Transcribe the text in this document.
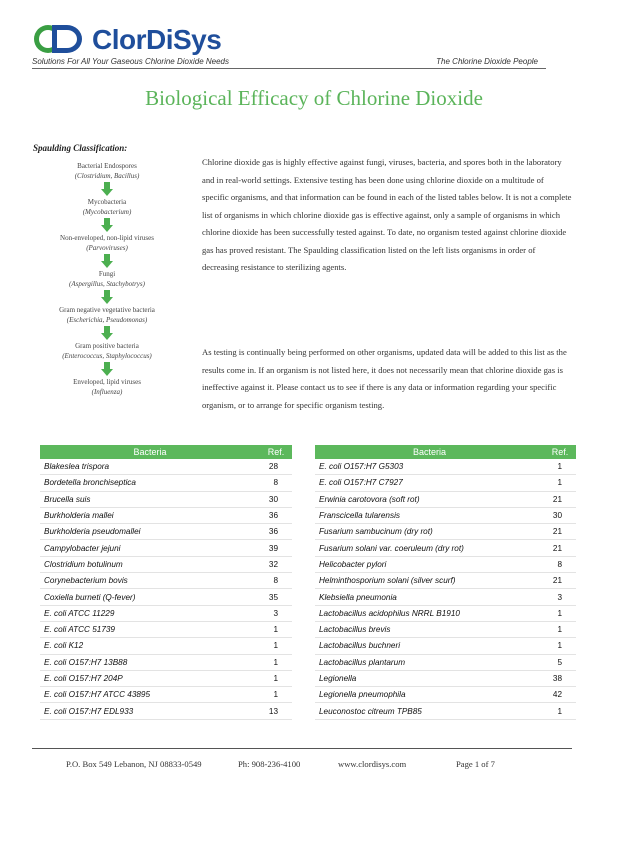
ClorDiSys
Solutions For All Your Gaseous Chlorine Dioxide Needs	The Chlorine Dioxide People
Biological Efficacy of Chlorine Dioxide
Spaulding Classification:
Bacterial Endospores
(Clostridium, Bacillus)
Mycobacteria
(Mycobacterium)
Non-enveloped, non-lipid viruses
(Parvoviruses)
Fungi
(Aspergillus, Stachybotrys)
Gram negative vegetative bacteria
(Escherichia, Pseudomonas)
Gram positive bacteria
(Enterococcus, Staphylococcus)
Enveloped, lipid viruses
(Influenza)
Chlorine dioxide gas is highly effective against fungi, viruses, bacteria, and spores both in the laboratory and in real-world settings. Extensive testing has been done using chlorine dioxide on a multitude of specific organisms, and that information can be found in each of the listed tables below. It is not a complete list of organisms in which chlorine dioxide gas is effective against, only a sample of organisms in which chlorine dioxide has been successfully tested against. To date, no organism tested against chlorine dioxide gas has proved resistant. The Spaulding classification listed on the left lists organisms in order of decreasing resistance to sterilizing agents.
As testing is continually being performed on other organisms, updated data will be added to this list as the results come in. If an organism is not listed here, it does not necessarily mean that chlorine dioxide gas is ineffective against it. Please contact us to see if there is any data or information regarding your specific organism, or to arrange for specific organism testing.
Bacteria	Ref.
Blakeslea trispora	28
Bordetella bronchiseptica	8
Brucella suis	30
Burkholderia mallei	36
Burkholderia pseudomallei	36
Campylobacter jejuni	39
Clostridium botulinum	32
Corynebacterium bovis	8
Coxiella burneti (Q-fever)	35
E. coli ATCC 11229	3
E. coli ATCC 51739	1
E. coli K12	1
E. coli O157:H7 13B88	1
E. coli O157:H7 204P	1
E. coli O157:H7 ATCC 43895	1
E. coli O157:H7 EDL933	13
Bacteria	Ref.
E. coli O157:H7 G5303	1
E. coli O157:H7 C7927	1
Erwinia carotovora (soft rot)	21
Franscicella tularensis	30
Fusarium sambucinum (dry rot)	21
Fusarium solani var. coeruleum (dry rot)	21
Helicobacter pylori	8
Helminthosporium solani (silver scurf)	21
Klebsiella pneumonia	3
Lactobacillus acidophilus NRRL B1910	1
Lactobacillus brevis	1
Lactobacillus buchneri	1
Lactobacillus plantarum	5
Legionella	38
Legionella pneumophila	42
Leuconostoc citreum TPB85	1
P.O. Box 549 Lebanon, NJ 08833-0549	Ph: 908-236-4100	www.clordisys.com	Page 1 of 7
